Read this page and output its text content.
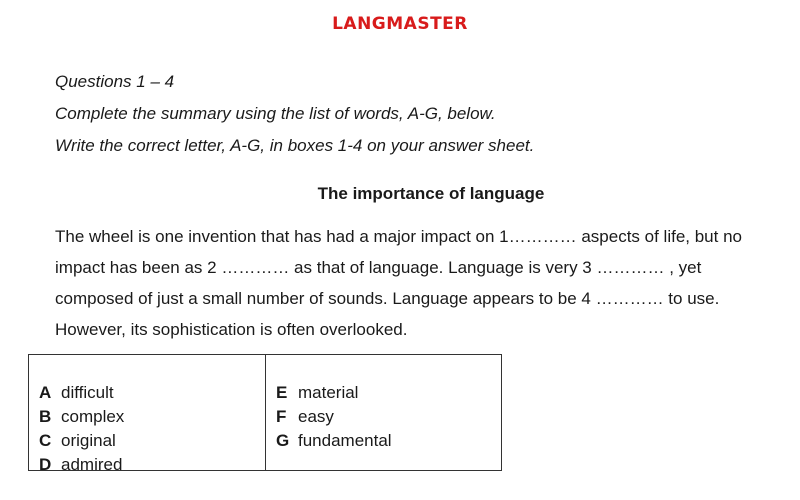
LANGMASTER
Questions 1 – 4
Complete the summary using the list of words, A-G, below.
Write the correct letter, A-G, in boxes 1-4 on your answer sheet.
The importance of language
The wheel is one invention that has had a major impact on 1………… aspects of life, but no
impact has been as 2 ………… as that of language. Language is very 3 ………… , yet
composed of just a small number of sounds. Language appears to be 4 ………… to use.
However, its sophistication is often overlooked.
A difficult
B complex
C original
D admired
E material
F easy
G fundamental
